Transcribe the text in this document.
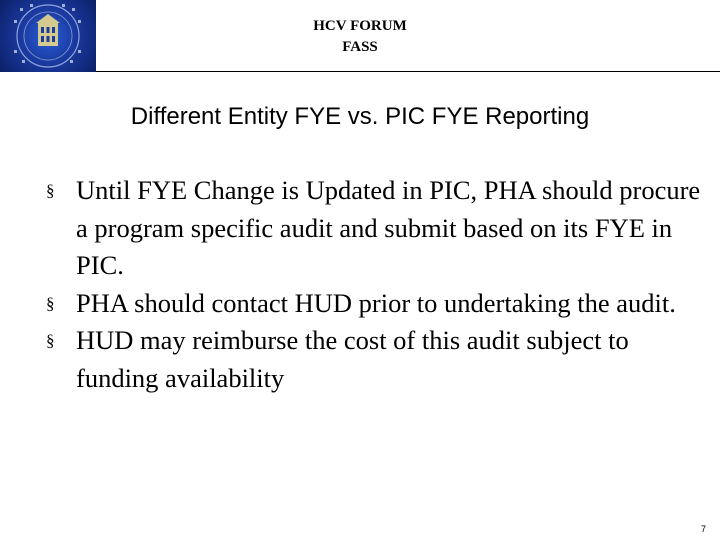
HCV FORUM
FASS
Different Entity FYE vs. PIC FYE Reporting
§ Until FYE Change is Updated in PIC, PHA should procure a program specific audit and submit based on its FYE in PIC.
§ PHA should contact HUD prior to undertaking the audit.
§ HUD may reimburse the cost of this audit subject to funding availability
7
